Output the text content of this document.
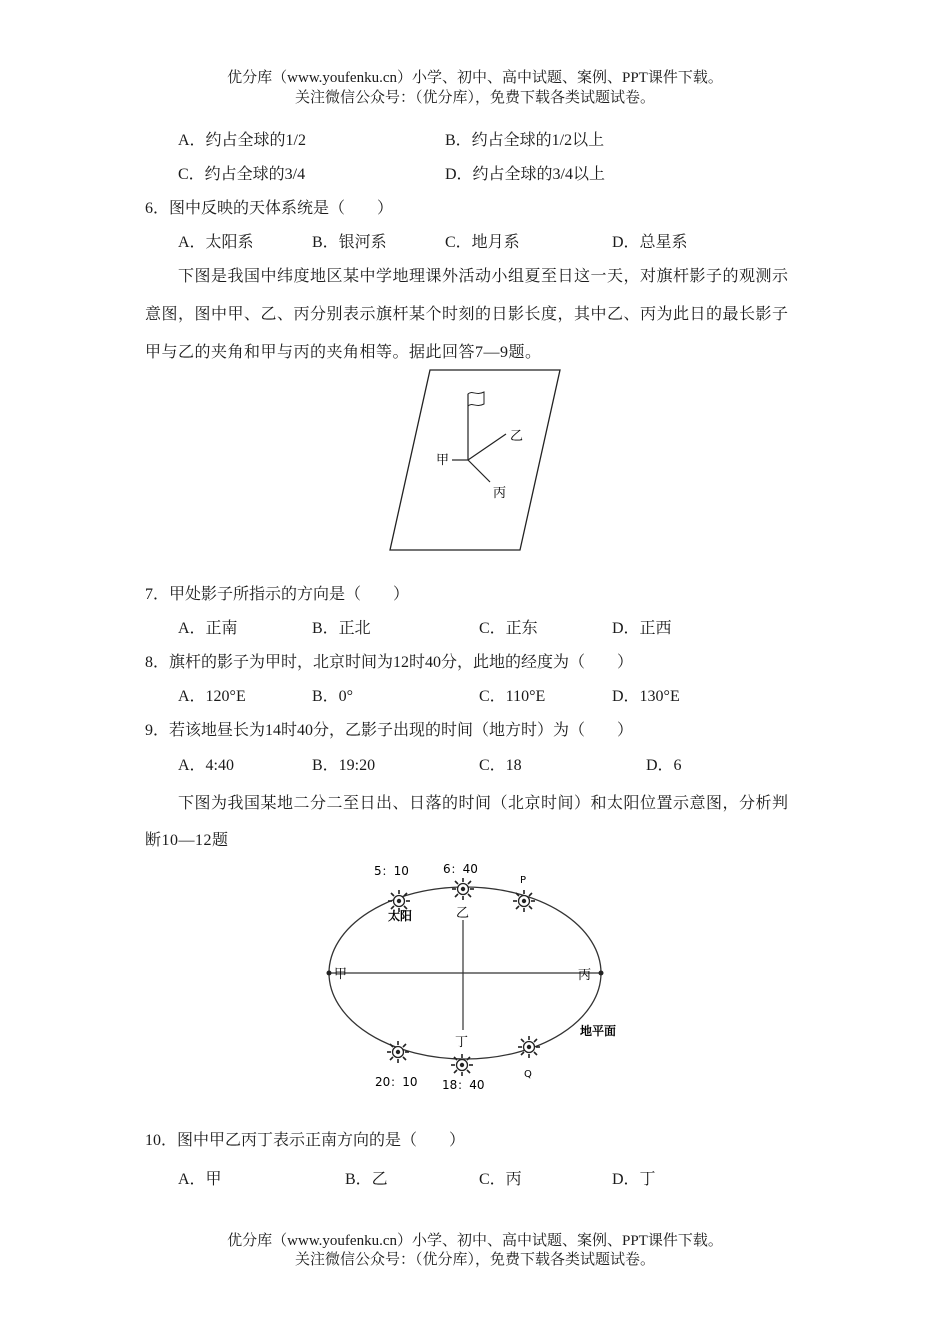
优分库（www.youfenku.cn）小学、初中、高中试题、案例、PPT课件下载。
关注微信公众号：（优分库），免费下载各类试题试卷。
A．约占全球的1/2	B．约占全球的1/2以上
C．约占全球的3/4	D．约占全球的3/4以上
6．图中反映的天体系统是（　　）
A．太阳系	B．银河系	C．地月系	D．总星系
下图是我国中纬度地区某中学地理课外活动小组夏至日这一天，对旗杆影子的观测示
意图，图中甲、乙、丙分别表示旗杆某个时刻的日影长度，其中乙、丙为此日的最长影子
甲与乙的夹角和甲与丙的夹角相等。据此回答7—9题。
甲
乙
丙
7．甲处影子所指示的方向是（　　）
A．正南	B．正北	C．正东	D．正西
8．旗杆的影子为甲时，北京时间为12时40分，此地的经度为（　　）
A．120°E	B．0°	C．110°E	D．130°E
9．若该地昼长为14时40分，乙影子出现的时间（地方时）为（　　）
A．4:40	B．19:20	C．18	D．6
下图为我国某地二分二至日出、日落的时间（北京时间）和太阳位置示意图，分析判
断10—12题
5：10	6：40
P
太阳	乙
甲	丙
丁
地平面
20：10 18：40
Q
10．图中甲乙丙丁表示正南方向的是（　　）
A．甲	B．乙	C．丙	D．丁
优分库（www.youfenku.cn）小学、初中、高中试题、案例、PPT课件下载。
关注微信公众号：（优分库），免费下载各类试题试卷。
